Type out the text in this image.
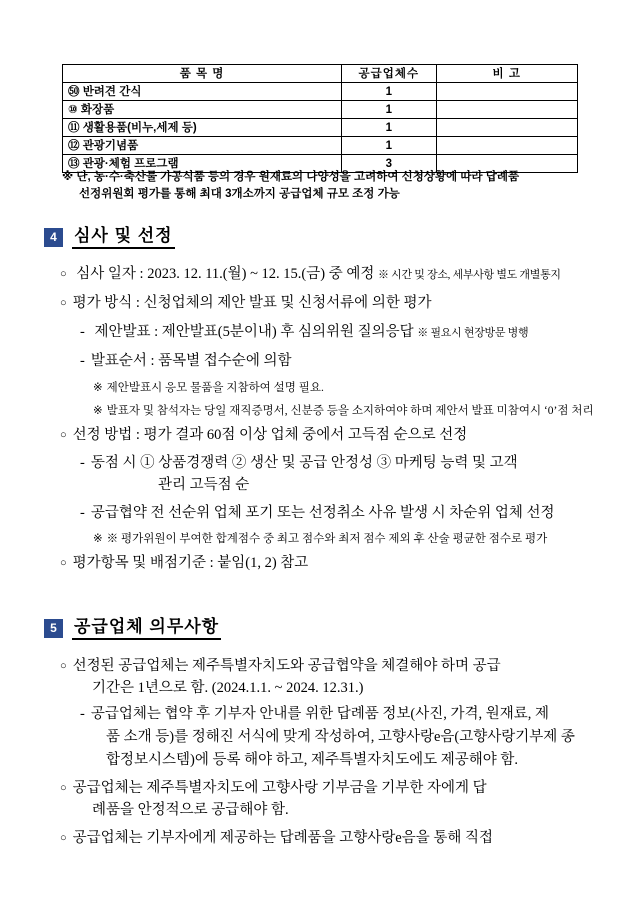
품 목 명	공급업체수	비 고
㊿ 반려견 간식	1	
⑩ 화장품	1	
⑪ 생활용품(비누,세제 등)	1	
⑫ 관광기념품	1	
⑬ 관광·체험 프로그램	3	
※ 단, 농·수·축산물 가공식품 등의 경우 원재료의 다양성을 고려하여 신청상황에 따라 답례품
선정위원회 평가를 통해 최대 3개소까지 공급업체 규모 조정 가능
4	심사 및 선정
○ 심사 일자 : 2023. 12. 11.(월) ~ 12. 15.(금) 중 예정 ※ 시간 및 장소, 세부사항 별도 개별통지
○ 평가 방식 : 신청업체의 제안 발표 및 신청서류에 의한 평가
- 제안발표 : 제안발표(5분이내) 후 심의위원 질의응답 ※ 필요시 현장방문 병행
- 발표순서 : 품목별 접수순에 의함
※ 제안발표시 응모 물품을 지참하여 설명 필요.
※ 발표자 및 참석자는 당일 재직증명서, 신분증 등을 소지하여야 하며 제안서 발표 미참여시 ‘0’점 처리
○ 선정 방법 : 평가 결과 60점 이상 업체 중에서 고득점 순으로 선정
- 동점 시 ① 상품경쟁력 ② 생산 및 공급 안정성 ③ 마케팅 능력 및 고객
관리 고득점 순
- 공급협약 전 선순위 업체 포기 또는 선정취소 사유 발생 시 차순위 업체 선정
※ ※ 평가위원이 부여한 합계점수 중 최고 점수와 최저 점수 제외 후 산술 평균한 점수로 평가
○ 평가항목 및 배점기준 : 붙임(1, 2) 참고
5	공급업체 의무사항
○ 선정된 공급업체는 제주특별자치도와 공급협약을 체결해야 하며 공급
기간은 1년으로 함. (2024.1.1. ~ 2024. 12.31.)
- 공급업체는 협약 후 기부자 안내를 위한 답례품 정보(사진, 가격, 원재료, 제
품 소개 등)를 정해진 서식에 맞게 작성하여, 고향사랑e음(고향사랑기부제 종
합정보시스템)에 등록 해야 하고, 제주특별자치도에도 제공해야 함.
○ 공급업체는 제주특별자치도에 고향사랑 기부금을 기부한 자에게 답
례품을 안정적으로 공급해야 함.
○ 공급업체는 기부자에게 제공하는 답례품을 고향사랑e음을 통해 직접
